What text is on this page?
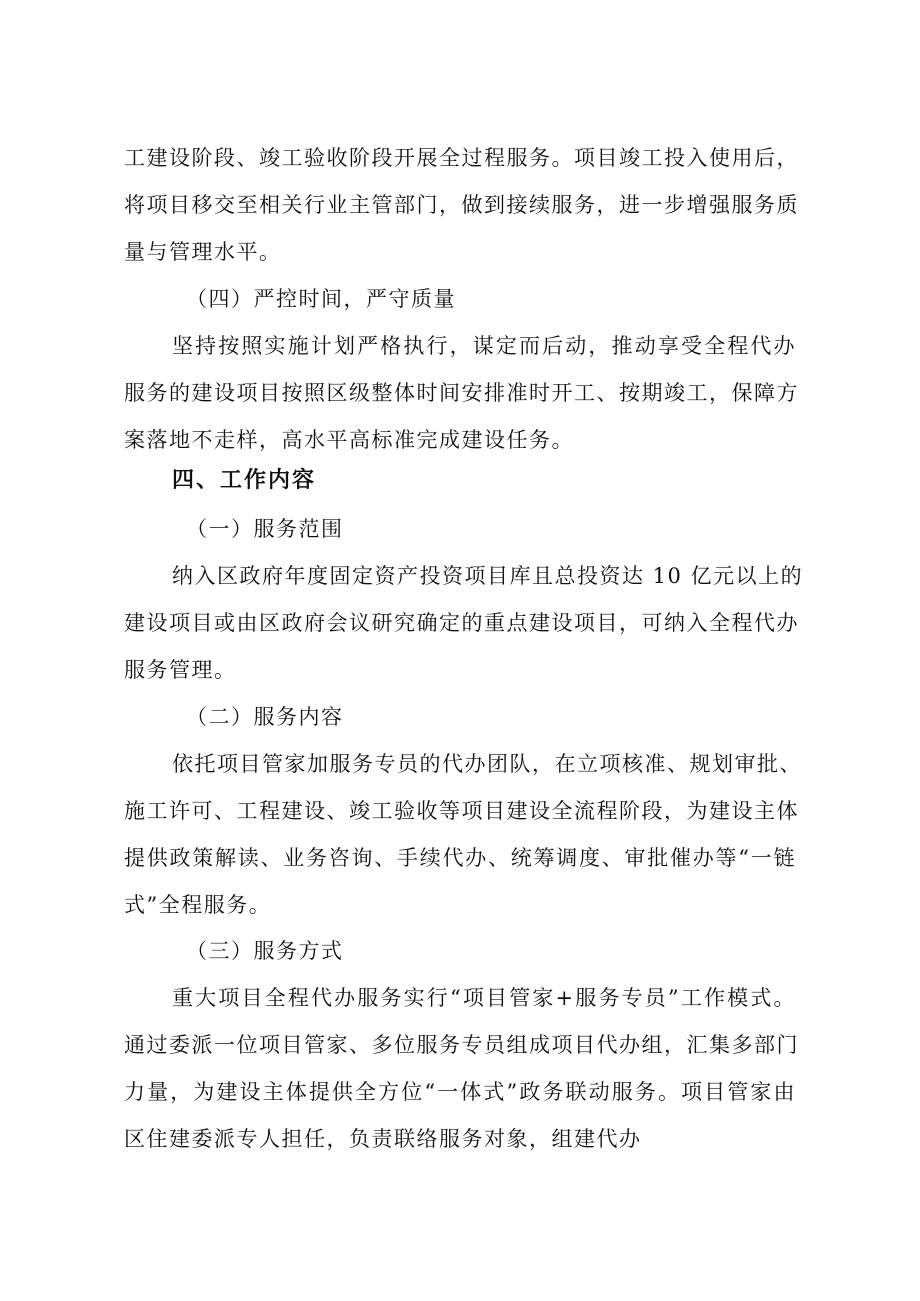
工建设阶段、竣工验收阶段开展全过程服务。项目竣工投入使用后，
将项目移交至相关行业主管部门，做到接续服务，进一步增强服务质
量与管理水平。
（四）严控时间，严守质量
坚持按照实施计划严格执行，谋定而后动，推动享受全程代办
服务的建设项目按照区级整体时间安排准时开工、按期竣工，保障方
案落地不走样，高水平高标准完成建设任务。
四、工作内容
（一）服务范围
纳入区政府年度固定资产投资项目库且总投资达 10 亿元以上的
建设项目或由区政府会议研究确定的重点建设项目，可纳入全程代办
服务管理。
（二）服务内容
依托项目管家加服务专员的代办团队，在立项核准、规划审批、
施工许可、工程建设、竣工验收等项目建设全流程阶段，为建设主体
提供政策解读、业务咨询、手续代办、统筹调度、审批催办等“一链
式”全程服务。
（三）服务方式
重大项目全程代办服务实行“项目管家+服务专员”工作模式。
通过委派一位项目管家、多位服务专员组成项目代办组，汇集多部门
力量，为建设主体提供全方位“一体式”政务联动服务。项目管家由
区住建委派专人担任，负责联络服务对象，组建代办
